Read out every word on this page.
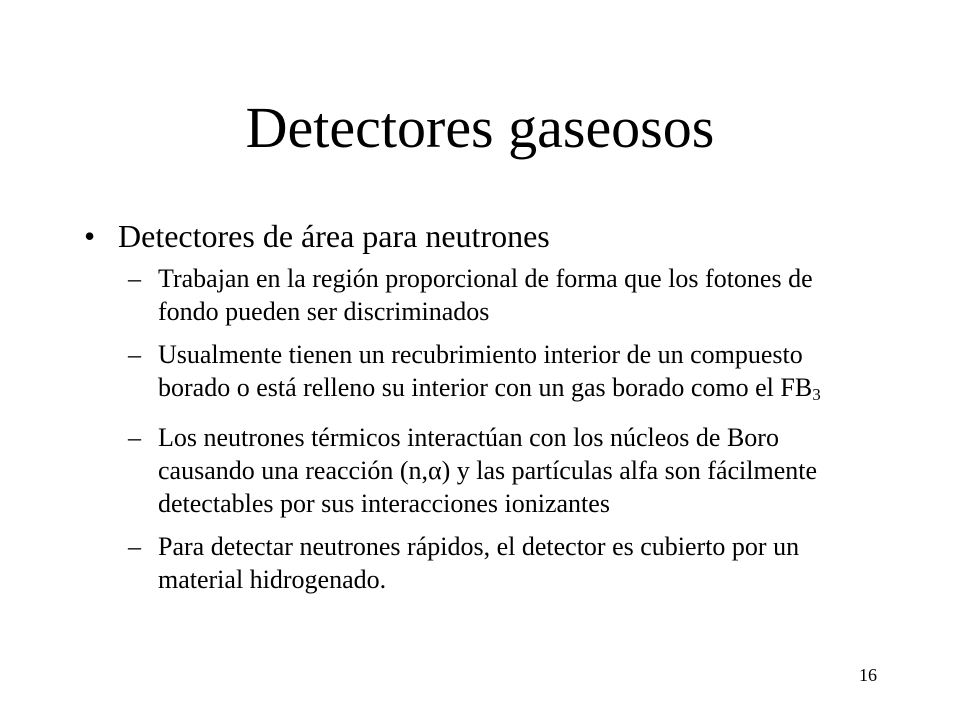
Detectores gaseosos
• Detectores de área para neutrones
– Trabajan en la región proporcional de forma que los fotones de fondo pueden ser discriminados
– Usualmente tienen un recubrimiento interior de un compuesto borado o está relleno su interior con un gas borado como el $FB_3$
– Los neutrones térmicos interactúan con los núcleos de Boro causando una reacción (n,α) y las partículas alfa son fácilmente detectables por sus interacciones ionizantes
– Para detectar neutrones rápidos, el detector es cubierto por un material hidrogenado.
16
